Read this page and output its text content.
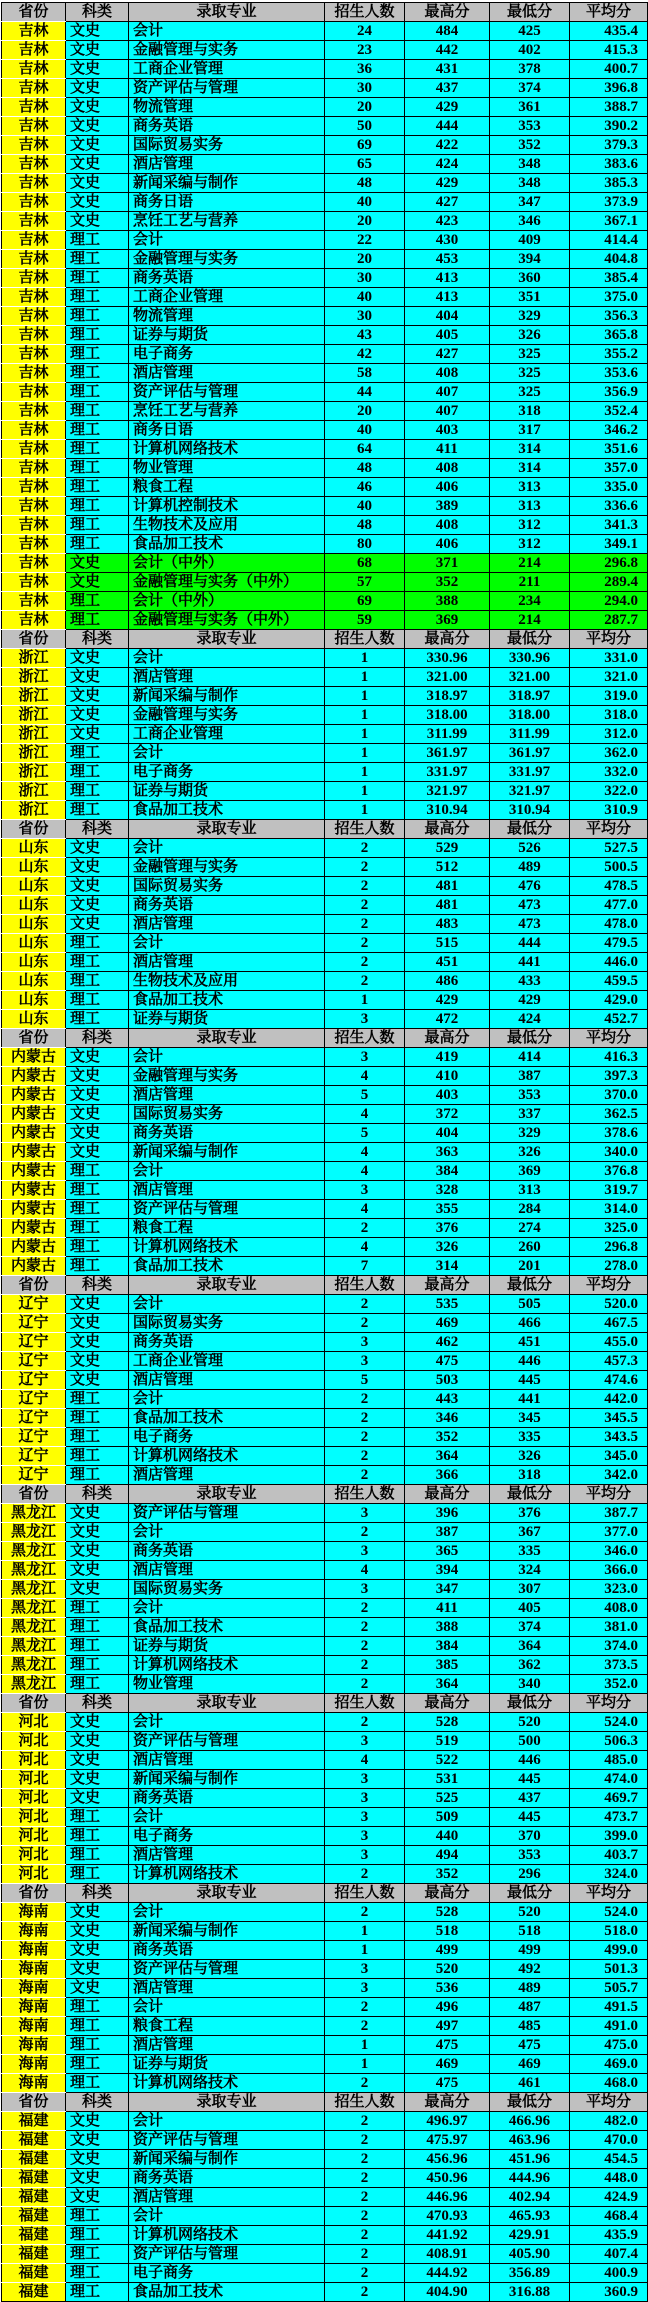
省份	科类	录取专业	招生人数	最高分	最低分	平均分
吉林	文史	会计	24	484	425	435.4
吉林	文史	金融管理与实务	23	442	402	415.3
吉林	文史	工商企业管理	36	431	378	400.7
吉林	文史	资产评估与管理	30	437	374	396.8
吉林	文史	物流管理	20	429	361	388.7
吉林	文史	商务英语	50	444	353	390.2
吉林	文史	国际贸易实务	69	422	352	379.3
吉林	文史	酒店管理	65	424	348	383.6
吉林	文史	新闻采编与制作	48	429	348	385.3
吉林	文史	商务日语	40	427	347	373.9
吉林	文史	烹饪工艺与营养	20	423	346	367.1
吉林	理工	会计	22	430	409	414.4
吉林	理工	金融管理与实务	20	453	394	404.8
吉林	理工	商务英语	30	413	360	385.4
吉林	理工	工商企业管理	40	413	351	375.0
吉林	理工	物流管理	30	404	329	356.3
吉林	理工	证券与期货	43	405	326	365.8
吉林	理工	电子商务	42	427	325	355.2
吉林	理工	酒店管理	58	408	325	353.6
吉林	理工	资产评估与管理	44	407	325	356.9
吉林	理工	烹饪工艺与营养	20	407	318	352.4
吉林	理工	商务日语	40	403	317	346.2
吉林	理工	计算机网络技术	64	411	314	351.6
吉林	理工	物业管理	48	408	314	357.0
吉林	理工	粮食工程	46	406	313	335.0
吉林	理工	计算机控制技术	40	389	313	336.6
吉林	理工	生物技术及应用	48	408	312	341.3
吉林	理工	食品加工技术	80	406	312	349.1
吉林	文史	会计（中外）	68	371	214	296.8
吉林	文史	金融管理与实务（中外）	57	352	211	289.4
吉林	理工	会计（中外）	69	388	234	294.0
吉林	理工	金融管理与实务（中外）	59	369	214	287.7
省份	科类	录取专业	招生人数	最高分	最低分	平均分
浙江	文史	会计	1	330.96	330.96	331.0
浙江	文史	酒店管理	1	321.00	321.00	321.0
浙江	文史	新闻采编与制作	1	318.97	318.97	319.0
浙江	文史	金融管理与实务	1	318.00	318.00	318.0
浙江	文史	工商企业管理	1	311.99	311.99	312.0
浙江	理工	会计	1	361.97	361.97	362.0
浙江	理工	电子商务	1	331.97	331.97	332.0
浙江	理工	证券与期货	1	321.97	321.97	322.0
浙江	理工	食品加工技术	1	310.94	310.94	310.9
省份	科类	录取专业	招生人数	最高分	最低分	平均分
山东	文史	会计	2	529	526	527.5
山东	文史	金融管理与实务	2	512	489	500.5
山东	文史	国际贸易实务	2	481	476	478.5
山东	文史	商务英语	2	481	473	477.0
山东	文史	酒店管理	2	483	473	478.0
山东	理工	会计	2	515	444	479.5
山东	理工	酒店管理	2	451	441	446.0
山东	理工	生物技术及应用	2	486	433	459.5
山东	理工	食品加工技术	1	429	429	429.0
山东	理工	证券与期货	3	472	424	452.7
省份	科类	录取专业	招生人数	最高分	最低分	平均分
内蒙古	文史	会计	3	419	414	416.3
内蒙古	文史	金融管理与实务	4	410	387	397.3
内蒙古	文史	酒店管理	5	403	353	370.0
内蒙古	文史	国际贸易实务	4	372	337	362.5
内蒙古	文史	商务英语	5	404	329	378.6
内蒙古	文史	新闻采编与制作	4	363	326	340.0
内蒙古	理工	会计	4	384	369	376.8
内蒙古	理工	酒店管理	3	328	313	319.7
内蒙古	理工	资产评估与管理	4	355	284	314.0
内蒙古	理工	粮食工程	2	376	274	325.0
内蒙古	理工	计算机网络技术	4	326	260	296.8
内蒙古	理工	食品加工技术	7	314	201	278.0
省份	科类	录取专业	招生人数	最高分	最低分	平均分
辽宁	文史	会计	2	535	505	520.0
辽宁	文史	国际贸易实务	2	469	466	467.5
辽宁	文史	商务英语	3	462	451	455.0
辽宁	文史	工商企业管理	3	475	446	457.3
辽宁	文史	酒店管理	5	503	445	474.6
辽宁	理工	会计	2	443	441	442.0
辽宁	理工	食品加工技术	2	346	345	345.5
辽宁	理工	电子商务	2	352	335	343.5
辽宁	理工	计算机网络技术	2	364	326	345.0
辽宁	理工	酒店管理	2	366	318	342.0
省份	科类	录取专业	招生人数	最高分	最低分	平均分
黑龙江	文史	资产评估与管理	3	396	376	387.7
黑龙江	文史	会计	2	387	367	377.0
黑龙江	文史	商务英语	3	365	335	346.0
黑龙江	文史	酒店管理	4	394	324	366.0
黑龙江	文史	国际贸易实务	3	347	307	323.0
黑龙江	理工	会计	2	411	405	408.0
黑龙江	理工	食品加工技术	2	388	374	381.0
黑龙江	理工	证券与期货	2	384	364	374.0
黑龙江	理工	计算机网络技术	2	385	362	373.5
黑龙江	理工	物业管理	2	364	340	352.0
省份	科类	录取专业	招生人数	最高分	最低分	平均分
河北	文史	会计	2	528	520	524.0
河北	文史	资产评估与管理	3	519	500	506.3
河北	文史	酒店管理	4	522	446	485.0
河北	文史	新闻采编与制作	3	531	445	474.0
河北	文史	商务英语	3	525	437	469.7
河北	理工	会计	3	509	445	473.7
河北	理工	电子商务	3	440	370	399.0
河北	理工	酒店管理	3	494	353	403.7
河北	理工	计算机网络技术	2	352	296	324.0
省份	科类	录取专业	招生人数	最高分	最低分	平均分
海南	文史	会计	2	528	520	524.0
海南	文史	新闻采编与制作	1	518	518	518.0
海南	文史	商务英语	1	499	499	499.0
海南	文史	资产评估与管理	3	520	492	501.3
海南	文史	酒店管理	3	536	489	505.7
海南	理工	会计	2	496	487	491.5
海南	理工	粮食工程	2	497	485	491.0
海南	理工	酒店管理	1	475	475	475.0
海南	理工	证券与期货	1	469	469	469.0
海南	理工	计算机网络技术	2	475	461	468.0
省份	科类	录取专业	招生人数	最高分	最低分	平均分
福建	文史	会计	2	496.97	466.96	482.0
福建	文史	资产评估与管理	2	475.97	463.96	470.0
福建	文史	新闻采编与制作	2	456.96	451.96	454.5
福建	文史	商务英语	2	450.96	444.96	448.0
福建	文史	酒店管理	2	446.96	402.94	424.9
福建	理工	会计	2	470.93	465.93	468.4
福建	理工	计算机网络技术	2	441.92	429.91	435.9
福建	理工	资产评估与管理	2	408.91	405.90	407.4
福建	理工	电子商务	2	444.92	356.89	400.9
福建	理工	食品加工技术	2	404.90	316.88	360.9
